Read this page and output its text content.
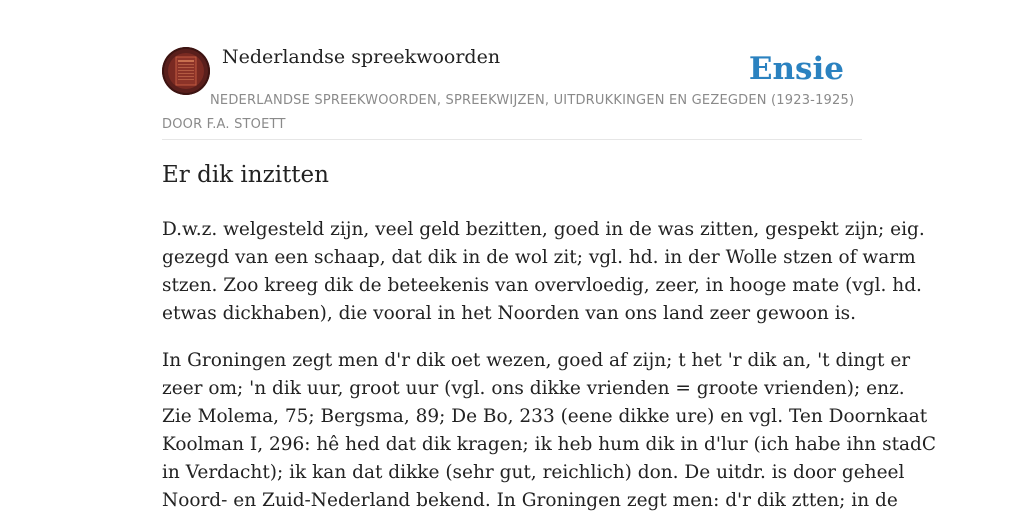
Nederlandse spreekwoorden	Ensie
NEDERLANDSE SPREEKWOORDEN, SPREEKWIJZEN, UITDRUKKINGEN EN GEZEGDEN (1923-1925)
DOOR F.A. STOETT
Er dik inzitten

D.w.z. welgesteld zijn, veel geld bezitten, goed in de was zitten, gespekt zijn; eig.
gezegd van een schaap, dat dik in de wol zit; vgl. hd. in der Wolle stzen of warm
stzen. Zoo kreeg dik de beteekenis van overvloedig, zeer, in hooge mate (vgl. hd.
etwas dickhaben), die vooral in het Noorden van ons land zeer gewoon is.

In Groningen zegt men d'r dik oet wezen, goed af zijn; t het 'r dik an, 't dingt er
zeer om; 'n dik uur, groot uur (vgl. ons dikke vrienden = groote vrienden); enz.
Zie Molema, 75; Bergsma, 89; De Bo, 233 (eene dikke ure) en vgl. Ten Doornkaat
Koolman I, 296: hê hed dat dik kragen; ik heb hum dik in d'lur (ich habe ihn stadC
in Verdacht); ik kan dat dikke (sehr gut, reichlich) don. De uitdr. is door geheel
Noord- en Zuid-Nederland bekend. In Groningen zegt men: d'r dik ztten; in de
